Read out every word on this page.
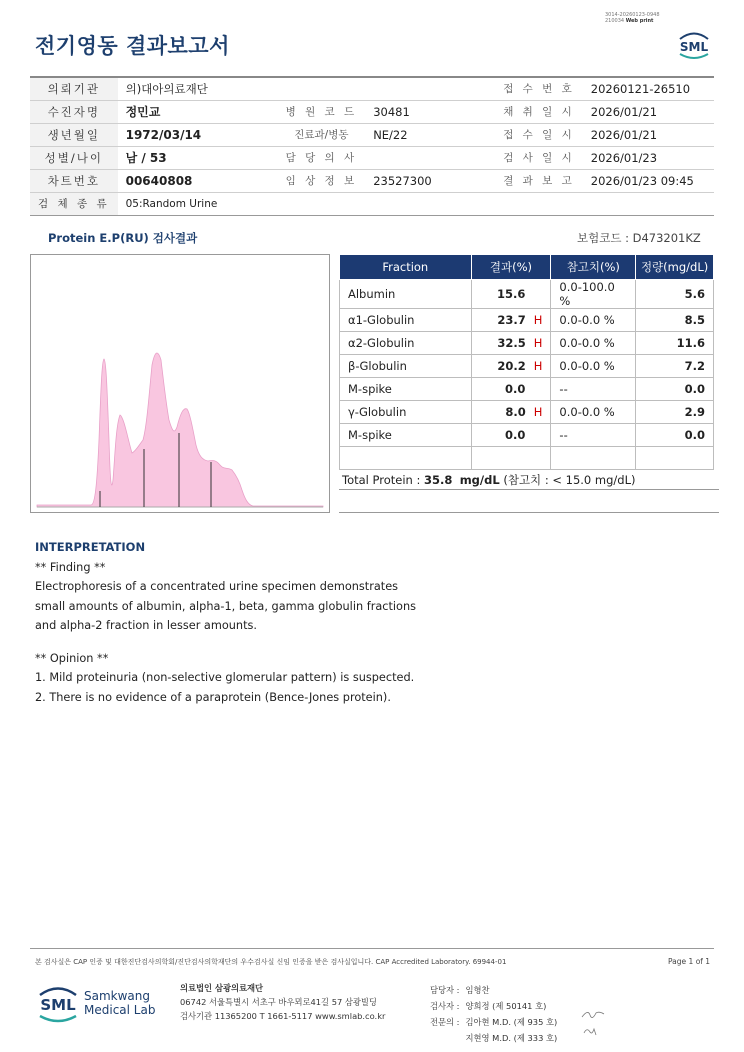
3014-20260123-0948
210034 Web print
전기영동 결과보고서	SML
의뢰기관	의)대아의료재단			접 수 번 호	20260121-26510
수진자명	정민교	병 원 코 드	30481	채 취 일 시	2026/01/21
생년월일	1972/03/14	진료과/병동	NE/22	접 수 일 시	2026/01/21
성별/나이	남 / 53	담 당 의 사		검 사 일 시	2026/01/23
차트번호	00640808	임 상 정 보	23527300	결 과 보 고	2026/01/23 09:45
검 체 종 류	05:Random Urine				
Protein E.P(RU) 검사결과	보험코드 : D473201KZ
Fraction	결과(%)	참고치(%)	정량(mg/dL)
Albumin	15.6	0.0-100.0 %	5.6
α1-Globulin	23.7 H	0.0-0.0 %	8.5
α2-Globulin	32.5 H	0.0-0.0 %	11.6
β-Globulin	20.2 H	0.0-0.0 %	7.2
M-spike	0.0	--	0.0
γ-Globulin	8.0 H	0.0-0.0 %	2.9
M-spike	0.0	--	0.0

Total Protein : 35.8 mg/dL (참고치 : < 15.0 mg/dL)
INTERPRETATION
** Finding **
Electrophoresis of a concentrated urine specimen demonstrates
small amounts of albumin, alpha-1, beta, gamma globulin fractions
and alpha-2 fraction in lesser amounts.
** Opinion **
1. Mild proteinuria (non-selective glomerular pattern) is suspected.
2. There is no evidence of a paraprotein (Bence-Jones protein).
본 검사실은 CAP 인증 및 대한진단검사의학회/진단검사의학재단의 우수검사실 신임 인증을 받은 검사실입니다. CAP Accredited Laboratory. 69944-01	Page 1 of 1
SML Samkwang
Medical Lab
의료법인 삼광의료재단
06742 서울특별시 서초구 바우뫼로41길 57 삼광빌딩
검사기관 11365200 T 1661-5117 www.smlab.co.kr
담당자 :	임형찬
검사자 :	양희정 (제 50141 호)
전문의 :	김아현 M.D. (제 935 호)
	지현영 M.D. (제 333 호)
